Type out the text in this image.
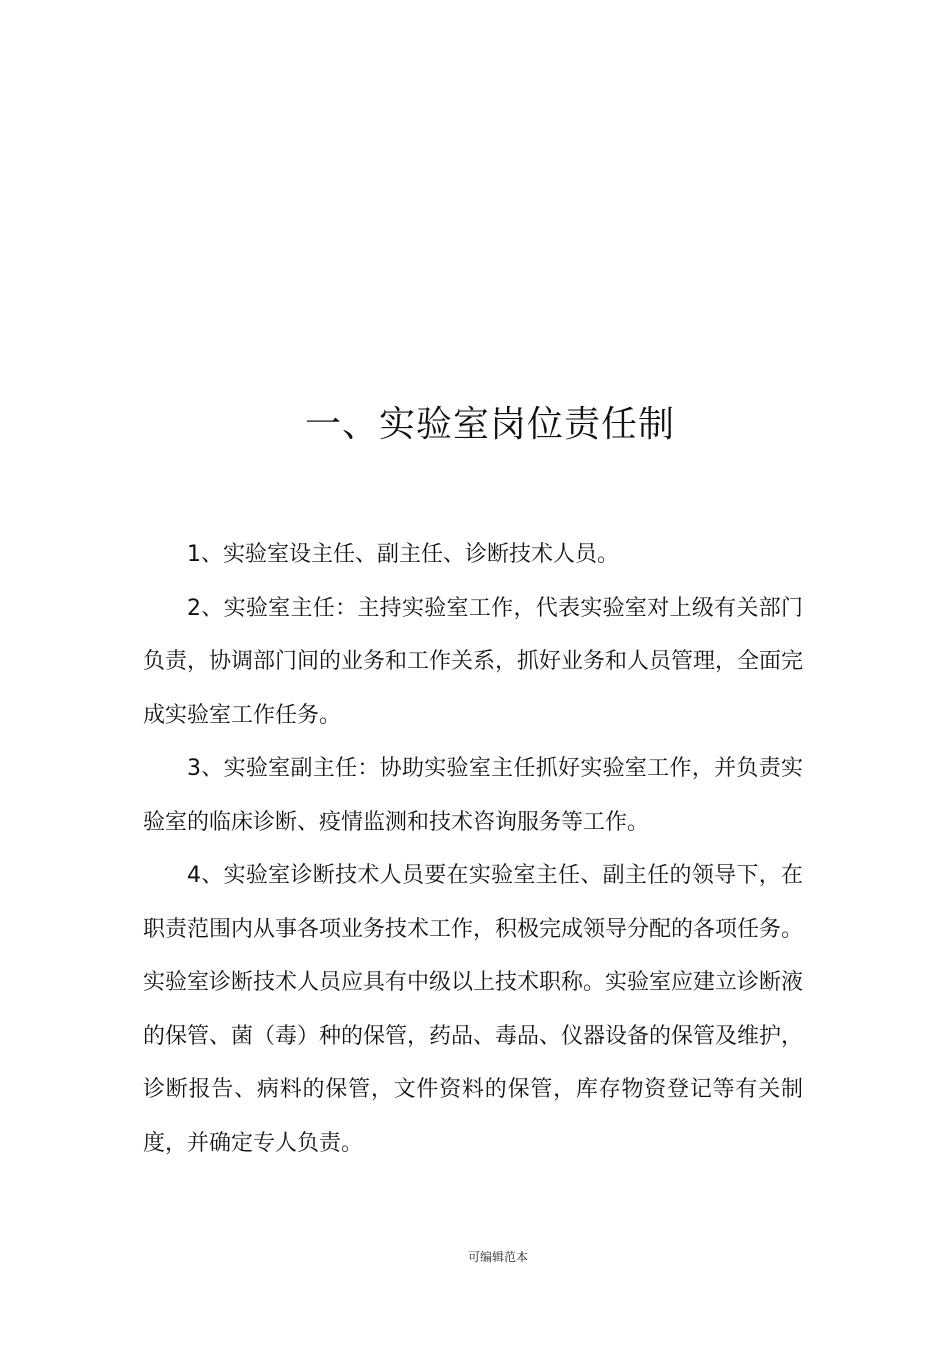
一、实验室岗位责任制

1、实验室设主任、副主任、诊断技术人员。

2、实验室主任：主持实验室工作，代表实验室对上级有关部门负责，协调部门间的业务和工作关系，抓好业务和人员管理，全面完成实验室工作任务。

3、实验室副主任：协助实验室主任抓好实验室工作，并负责实验室的临床诊断、疫情监测和技术咨询服务等工作。

4、实验室诊断技术人员要在实验室主任、副主任的领导下，在职责范围内从事各项业务技术工作，积极完成领导分配的各项任务。实验室诊断技术人员应具有中级以上技术职称。实验室应建立诊断液的保管、菌（毒）种的保管，药品、毒品、仪器设备的保管及维护，诊断报告、病料的保管，文件资料的保管，库存物资登记等有关制度，并确定专人负责。

可编辑范本
